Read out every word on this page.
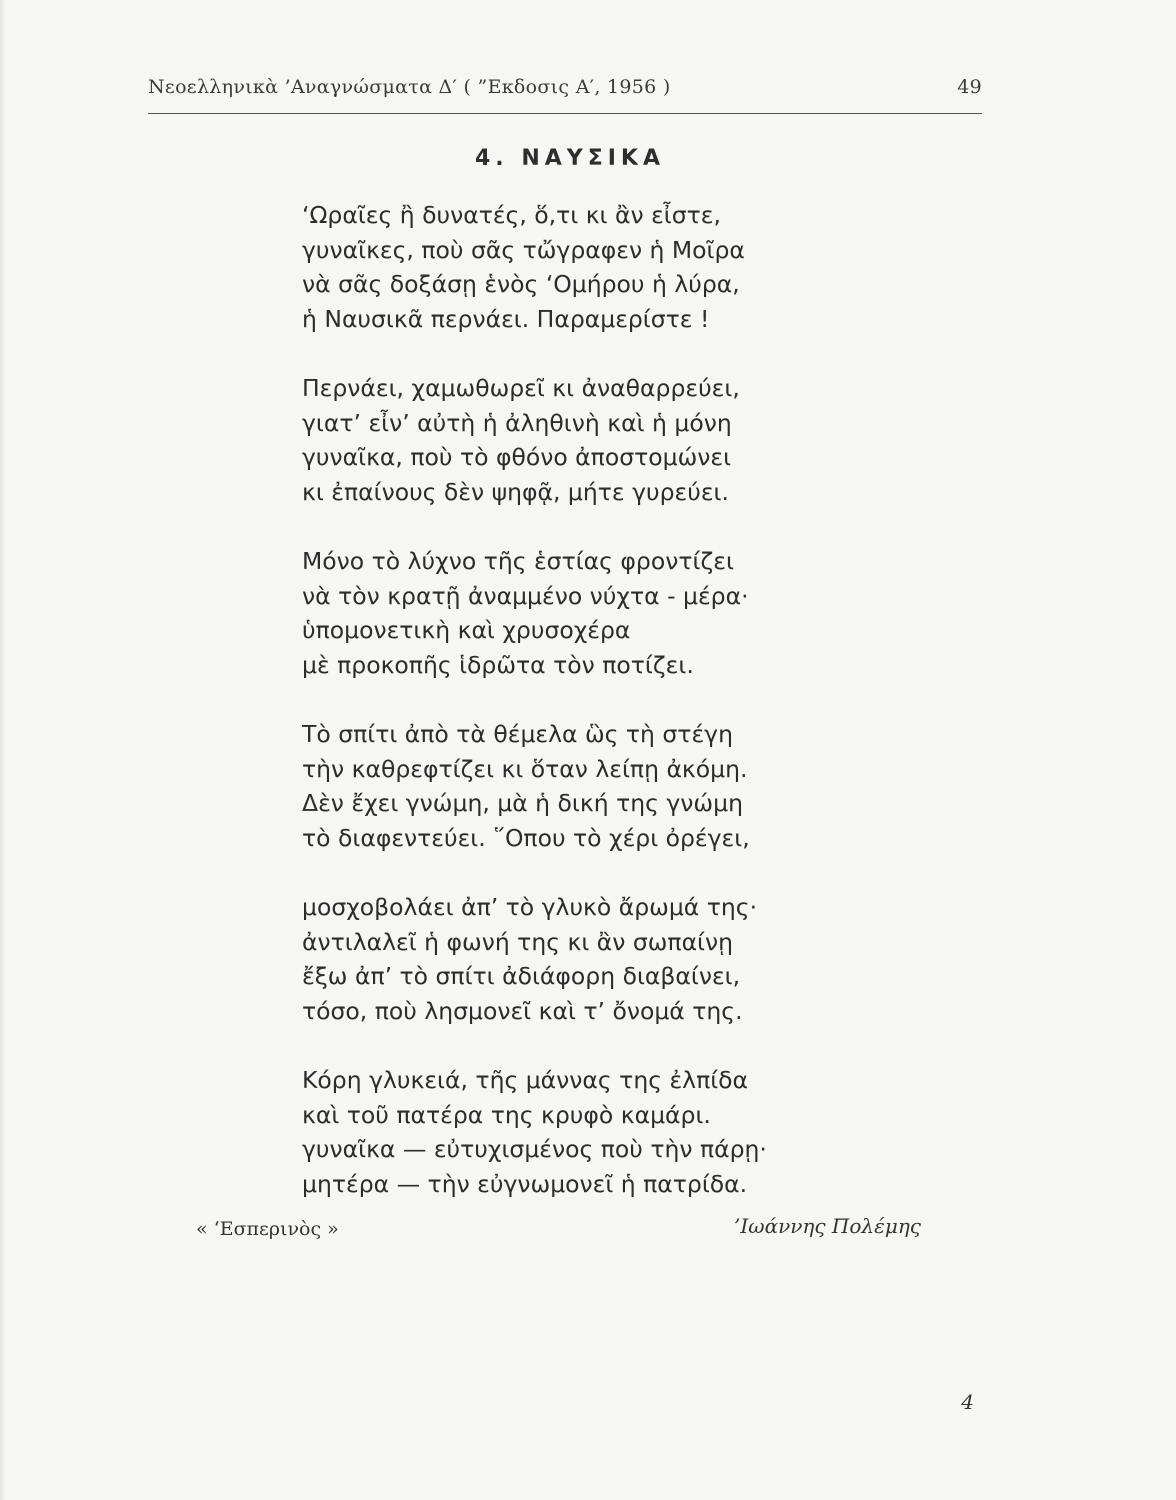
Νεοελληνικὰ ’Αναγνώσματα Δ′ ( ”Εκδοσις Α′, 1956 )	49
4. ΝΑΥΣΙΚΑ
‘Ωραῖες ἢ δυνατές, ὅ,τι κι ἂν εἶστε,
γυναῖκες, ποὺ σᾶς τὤγραφεν ἡ Μοῖρα
νὰ σᾶς δοξάσῃ ἑνὸς ‘Ομήρου ἡ λύρα,
ἡ Ναυσικᾶ περνάει. Παραμερίστε !
Περνάει, χαμωθωρεῖ κι ἀναθαρρεύει,
γιατ’ εἶν’ αὐτὴ ἡ ἀληθινὴ καὶ ἡ μόνη
γυναῖκα, ποὺ τὸ φθόνο ἀποστομώνει
κι ἐπαίνους δὲν ψηφᾷ, μήτε γυρεύει.
Μόνο τὸ λύχνο τῆς ἑστίας φροντίζει
νὰ τὸν κρατῇ ἀναμμένο νύχτα - μέρα·
ὑπομονετικὴ καὶ χρυσοχέρα
μὲ προκοπῆς ἱδρῶτα τὸν ποτίζει.
Τὸ σπίτι ἀπὸ τὰ θέμελα ὣς τὴ στέγη
τὴν καθρεφτίζει κι ὅταν λείπῃ ἀκόμη.
Δὲν ἔχει γνώμη, μὰ ἡ δική της γνώμη
τὸ διαφεντεύει. ῞Οπου τὸ χέρι ὀρέγει,
μοσχοβολάει ἀπ’ τὸ γλυκὸ ἄρωμά της·
ἀντιλαλεῖ ἡ φωνή της κι ἂν σωπαίνῃ
ἔξω ἀπ’ τὸ σπίτι ἀδιάφορη διαβαίνει,
τόσο, ποὺ λησμονεῖ καὶ τ’ ὄνομά της.
Κόρη γλυκειά, τῆς μάννας της ἐλπίδα
καὶ τοῦ πατέρα της κρυφὸ καμάρι.
γυναῖκα — εὐτυχισμένος ποὺ τὴν πάρῃ·
μητέρα — τὴν εὐγνωμονεῖ ἡ πατρίδα.
« ‘Εσπερινὸς »	’Ιωάννης Πολέμης
4
